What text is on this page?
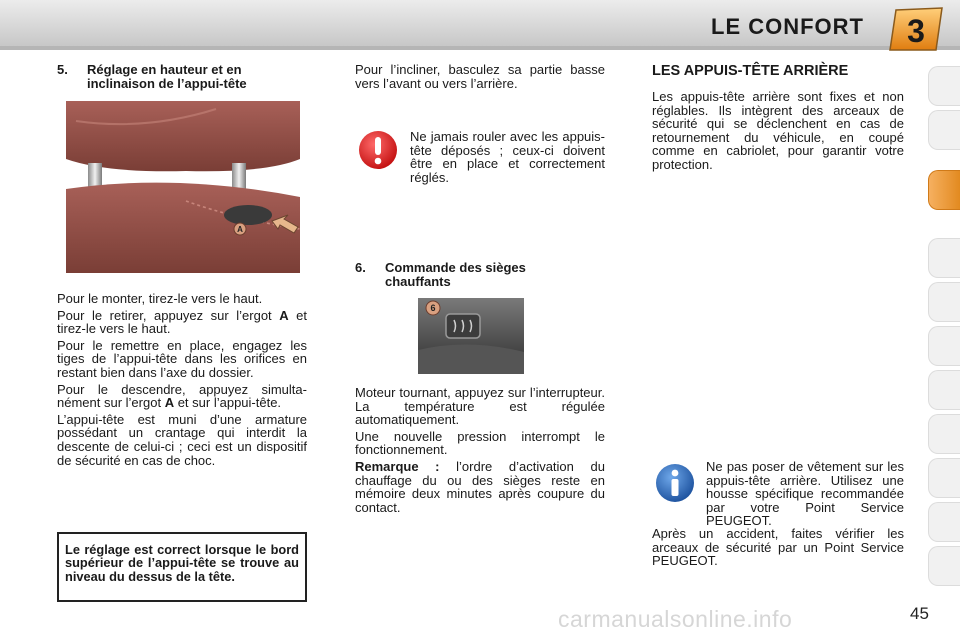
LE CONFORT 3
5.	Réglage en hauteur et en inclinaison de l’appui-tête
A

Pour le monter, tirez-le vers le haut.

Pour le retirer, appuyez sur l’ergot A et tirez-le vers le haut.

Pour le remettre en place, engagez les tiges de l’appui-tête dans les orifices en restant bien dans l’axe du dossier.

Pour le descendre, appuyez simultanément sur l’ergot A et sur l’appui-tête.

L’appui-tête est muni d’une armature possédant un crantage qui interdit la descente de celui-ci ; ceci est un dispositif de sécurité en cas de choc.

Le réglage est correct lorsque le bord supérieur de l’appui-tête se trouve au niveau du dessus de la tête.
Pour l’incliner, basculez sa partie basse vers l’avant ou vers l’arrière.
Ne jamais rouler avec les appuis-tête déposés ; ceux-ci doivent être en place et correctement réglés.
6.	Commande des sièges chauffants
6

Moteur tournant, appuyez sur l’interrupteur. La température est régulée automatiquement.

Une nouvelle pression interrompt le fonctionnement.

Remarque : l’ordre d’activation du chauffage du ou des sièges reste en mémoire deux minutes après coupure du contact.

LES APPUIS-TÊTE ARRIÈRE
Les appuis-tête arrière sont fixes et non réglables. Ils intègrent des arceaux de sécurité qui se déclenchent en cas de retournement du véhicule, en coupé comme en cabriolet, pour garantir votre protection.
Ne pas poser de vêtement sur les appuis-tête arrière. Utilisez une housse spécifique recommandée par votre Point Service PEUGEOT.
Après un accident, faites vérifier les arceaux de sécurité par un Point Service PEUGEOT.
carmanualsonline.info	45
